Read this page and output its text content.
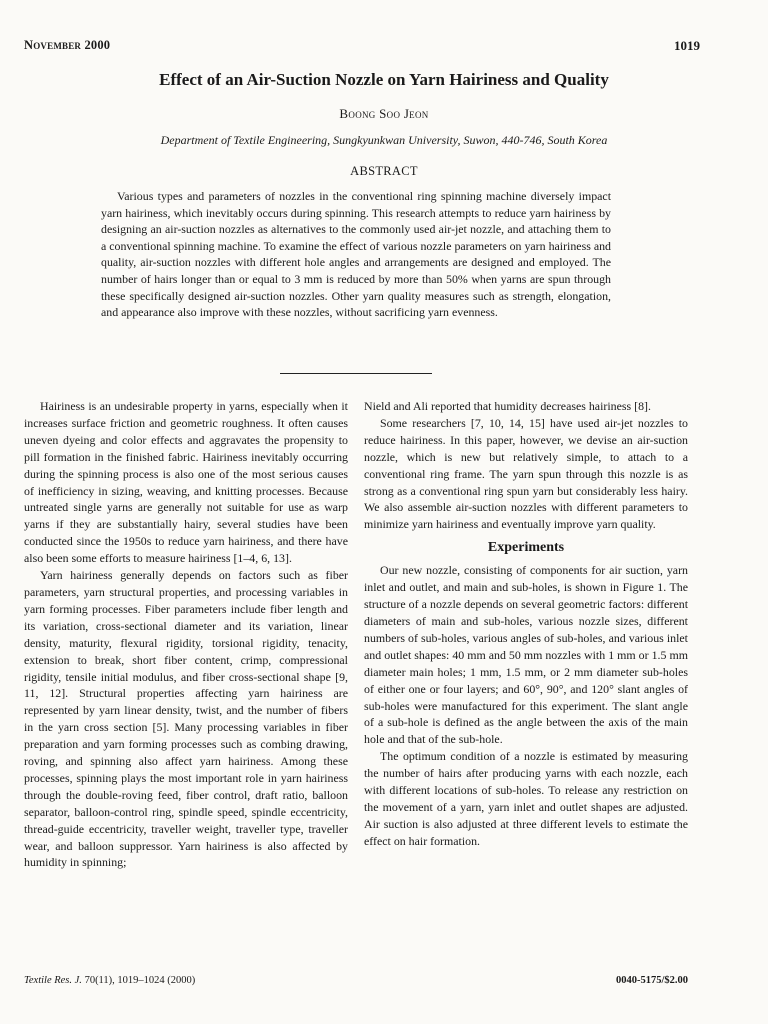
November 2000	1019
Effect of an Air-Suction Nozzle on Yarn Hairiness and Quality
Boong Soo Jeon
Department of Textile Engineering, Sungkyunkwan University, Suwon, 440-746, South Korea
ABSTRACT

Various types and parameters of nozzles in the conventional ring spinning machine diversely impact yarn hairiness, which inevitably occurs during spinning. This research attempts to reduce yarn hairiness by designing an air-suction nozzles as alternatives to the commonly used air-jet nozzle, and attaching them to a conventional spinning machine. To examine the effect of various nozzle parameters on yarn hairiness and quality, air-suction nozzles with different hole angles and arrangements are designed and employed. The number of hairs longer than or equal to 3 mm is reduced by more than 50% when yarns are spun through these specifically designed air-suction nozzles. Other yarn quality measures such as strength, elongation, and appearance also improve with these nozzles, without sacrificing yarn evenness.

Hairiness is an undesirable property in yarns, especially when it increases surface friction and geometric roughness. It often causes uneven dyeing and color effects and aggravates the propensity to pill formation in the finished fabric. Hairiness inevitably occurring during the spinning process is also one of the most serious causes of inefficiency in sizing, weaving, and knitting processes. Because untreated single yarns are generally not suitable for use as warp yarns if they are substantially hairy, several studies have been conducted since the 1950s to reduce yarn hairiness, and there have also been some efforts to measure hairiness [1–4, 6, 13].

Yarn hairiness generally depends on factors such as fiber parameters, yarn structural properties, and processing variables in yarn forming processes. Fiber parameters include fiber length and its variation, cross-sectional diameter and its variation, linear density, maturity, flexural rigidity, torsional rigidity, tenacity, extension to break, short fiber content, crimp, compressional rigidity, tensile initial modulus, and fiber cross-sectional shape [9, 11, 12]. Structural properties affecting yarn hairiness are represented by yarn linear density, twist, and the number of fibers in the yarn cross section [5]. Many processing variables in fiber preparation and yarn forming processes such as combing drawing, roving, and spinning also affect yarn hairiness. Among these processes, spinning plays the most important role in yarn hairiness through the double-roving feed, fiber control, draft ratio, balloon separator, balloon-control ring, spindle speed, spindle eccentricity, thread-guide eccentricity, traveller weight, traveller type, traveller wear, and balloon suppressor. Yarn hairiness is also affected by humidity in spinning;

Nield and Ali reported that humidity decreases hairiness [8].

Some researchers [7, 10, 14, 15] have used air-jet nozzles to reduce hairiness. In this paper, however, we devise an air-suction nozzle, which is new but relatively simple, to attach to a conventional ring frame. The yarn spun through this nozzle is as strong as a conventional ring spun yarn but considerably less hairy. We also assemble air-suction nozzles with different parameters to minimize yarn hairiness and eventually improve yarn quality.

Experiments

Our new nozzle, consisting of components for air suction, yarn inlet and outlet, and main and sub-holes, is shown in Figure 1. The structure of a nozzle depends on several geometric factors: different diameters of main and sub-holes, various nozzle sizes, different numbers of sub-holes, various angles of sub-holes, and various inlet and outlet shapes: 40 mm and 50 mm nozzles with 1 mm or 1.5 mm diameter main holes; 1 mm, 1.5 mm, or 2 mm diameter sub-holes of either one or four layers; and 60°, 90°, and 120° slant angles of sub-holes were manufactured for this experiment. The slant angle of a sub-hole is defined as the angle between the axis of the main hole and that of the sub-hole.

The optimum condition of a nozzle is estimated by measuring the number of hairs after producing yarns with each nozzle, each with different locations of sub-holes. To release any restriction on the movement of a yarn, yarn inlet and outlet shapes are adjusted. Air suction is also adjusted at three different levels to estimate the effect on hair formation.

Textile Res. J. 70(11), 1019–1024 (2000)	0040-5175/$2.00
